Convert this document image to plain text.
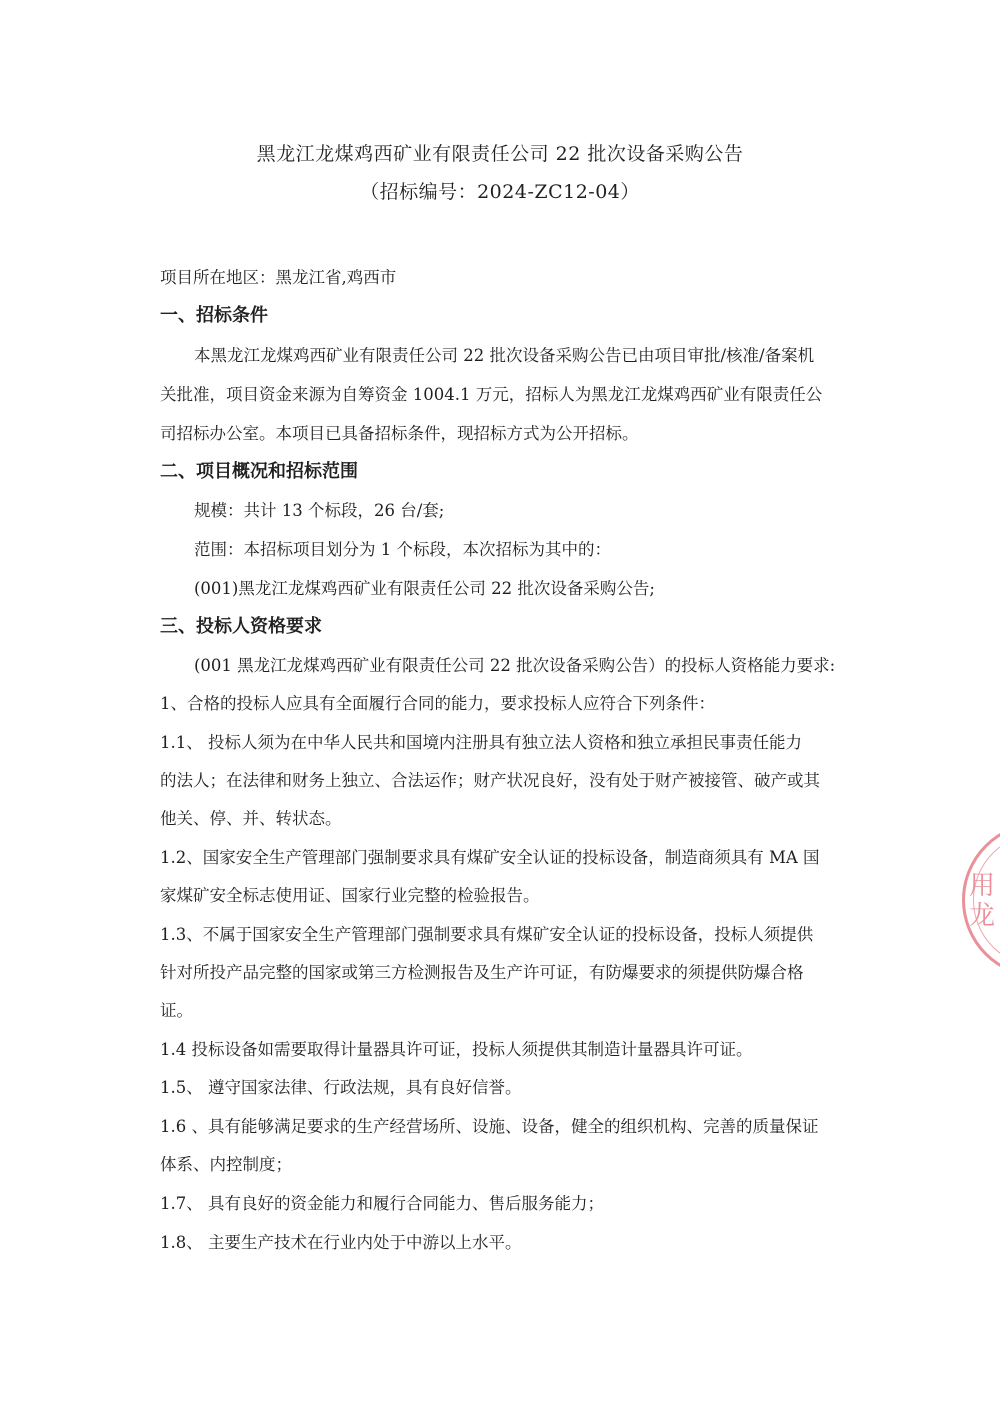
黑龙江龙煤鸡西矿业有限责任公司 22 批次设备采购公告
（招标编号：2024-ZC12-04）
项目所在地区：黑龙江省,鸡西市
一、招标条件
本黑龙江龙煤鸡西矿业有限责任公司 22 批次设备采购公告已由项目审批/核准/备案机
关批准，项目资金来源为自筹资金 1004.1 万元，招标人为黑龙江龙煤鸡西矿业有限责任公
司招标办公室。本项目已具备招标条件，现招标方式为公开招标。
二、项目概况和招标范围
规模：共计 13 个标段，26 台/套;
范围：本招标项目划分为 1 个标段，本次招标为其中的：
(001)黑龙江龙煤鸡西矿业有限责任公司 22 批次设备采购公告;
三、投标人资格要求
(001 黑龙江龙煤鸡西矿业有限责任公司 22 批次设备采购公告）的投标人资格能力要求:
1、合格的投标人应具有全面履行合同的能力，要求投标人应符合下列条件：
1.1、 投标人须为在中华人民共和国境内注册具有独立法人资格和独立承担民事责任能力
的法人；在法律和财务上独立、合法运作；财产状况良好，没有处于财产被接管、破产或其
他关、停、并、转状态。
1.2、国家安全生产管理部门强制要求具有煤矿安全认证的投标设备，制造商须具有 MA 国
家煤矿安全标志使用证、国家行业完整的检验报告。
1.3、不属于国家安全生产管理部门强制要求具有煤矿安全认证的投标设备，投标人须提供
针对所投产品完整的国家或第三方检测报告及生产许可证，有防爆要求的须提供防爆合格
证。
1.4 投标设备如需要取得计量器具许可证，投标人须提供其制造计量器具许可证。
1.5、 遵守国家法律、行政法规，具有良好信誉。
1.6 、具有能够满足要求的生产经营场所、设施、设备，健全的组织机构、完善的质量保证
体系、内控制度；
1.7、 具有良好的资金能力和履行合同能力、售后服务能力；
1.8、 主要生产技术在行业内处于中游以上水平。
用龙
